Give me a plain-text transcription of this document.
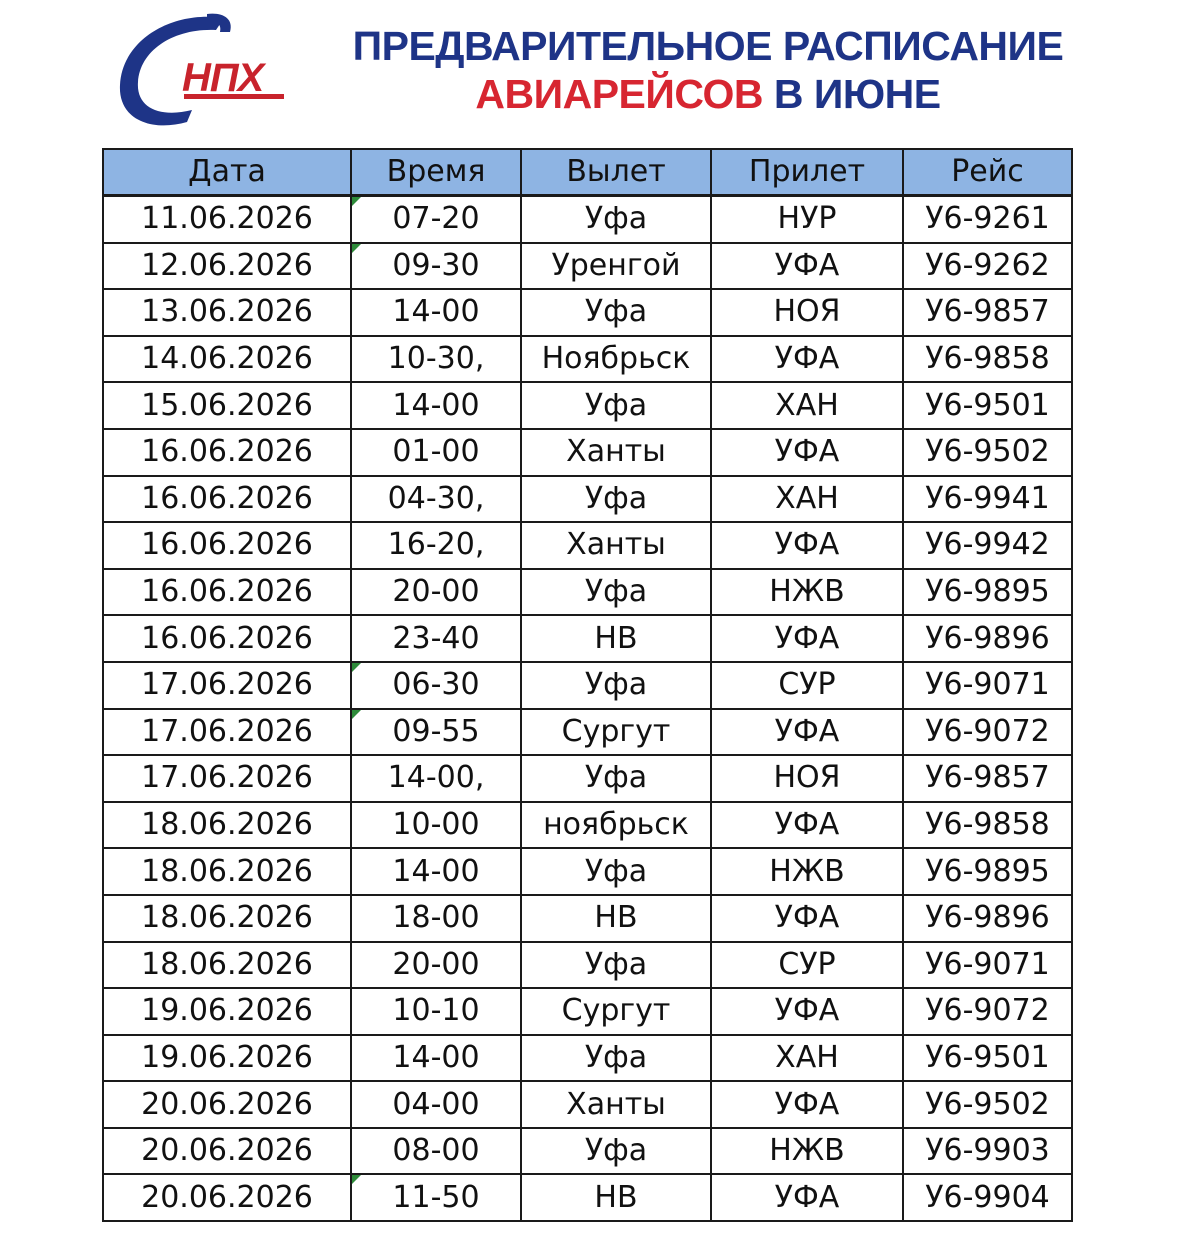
НПХ
ПРЕДВАРИТЕЛЬНОЕ РАСПИСАНИЕ
АВИАРЕЙСОВ В ИЮНЕ
Дата	Время	Вылет	Прилет	Рейс
11.06.2026	07-20	Уфа	НУР	У6-9261
12.06.2026	09-30	Уренгой	УФА	У6-9262
13.06.2026	14-00	Уфа	НОЯ	У6-9857
14.06.2026	10-30,	Ноябрьск	УФА	У6-9858
15.06.2026	14-00	Уфа	ХАН	У6-9501
16.06.2026	01-00	Ханты	УФА	У6-9502
16.06.2026	04-30,	Уфа	ХАН	У6-9941
16.06.2026	16-20,	Ханты	УФА	У6-9942
16.06.2026	20-00	Уфа	НЖВ	У6-9895
16.06.2026	23-40	НВ	УФА	У6-9896
17.06.2026	06-30	Уфа	СУР	У6-9071
17.06.2026	09-55	Сургут	УФА	У6-9072
17.06.2026	14-00,	Уфа	НОЯ	У6-9857
18.06.2026	10-00	ноябрьск	УФА	У6-9858
18.06.2026	14-00	Уфа	НЖВ	У6-9895
18.06.2026	18-00	НВ	УФА	У6-9896
18.06.2026	20-00	Уфа	СУР	У6-9071
19.06.2026	10-10	Сургут	УФА	У6-9072
19.06.2026	14-00	Уфа	ХАН	У6-9501
20.06.2026	04-00	Ханты	УФА	У6-9502
20.06.2026	08-00	Уфа	НЖВ	У6-9903
20.06.2026	11-50	НВ	УФА	У6-9904
